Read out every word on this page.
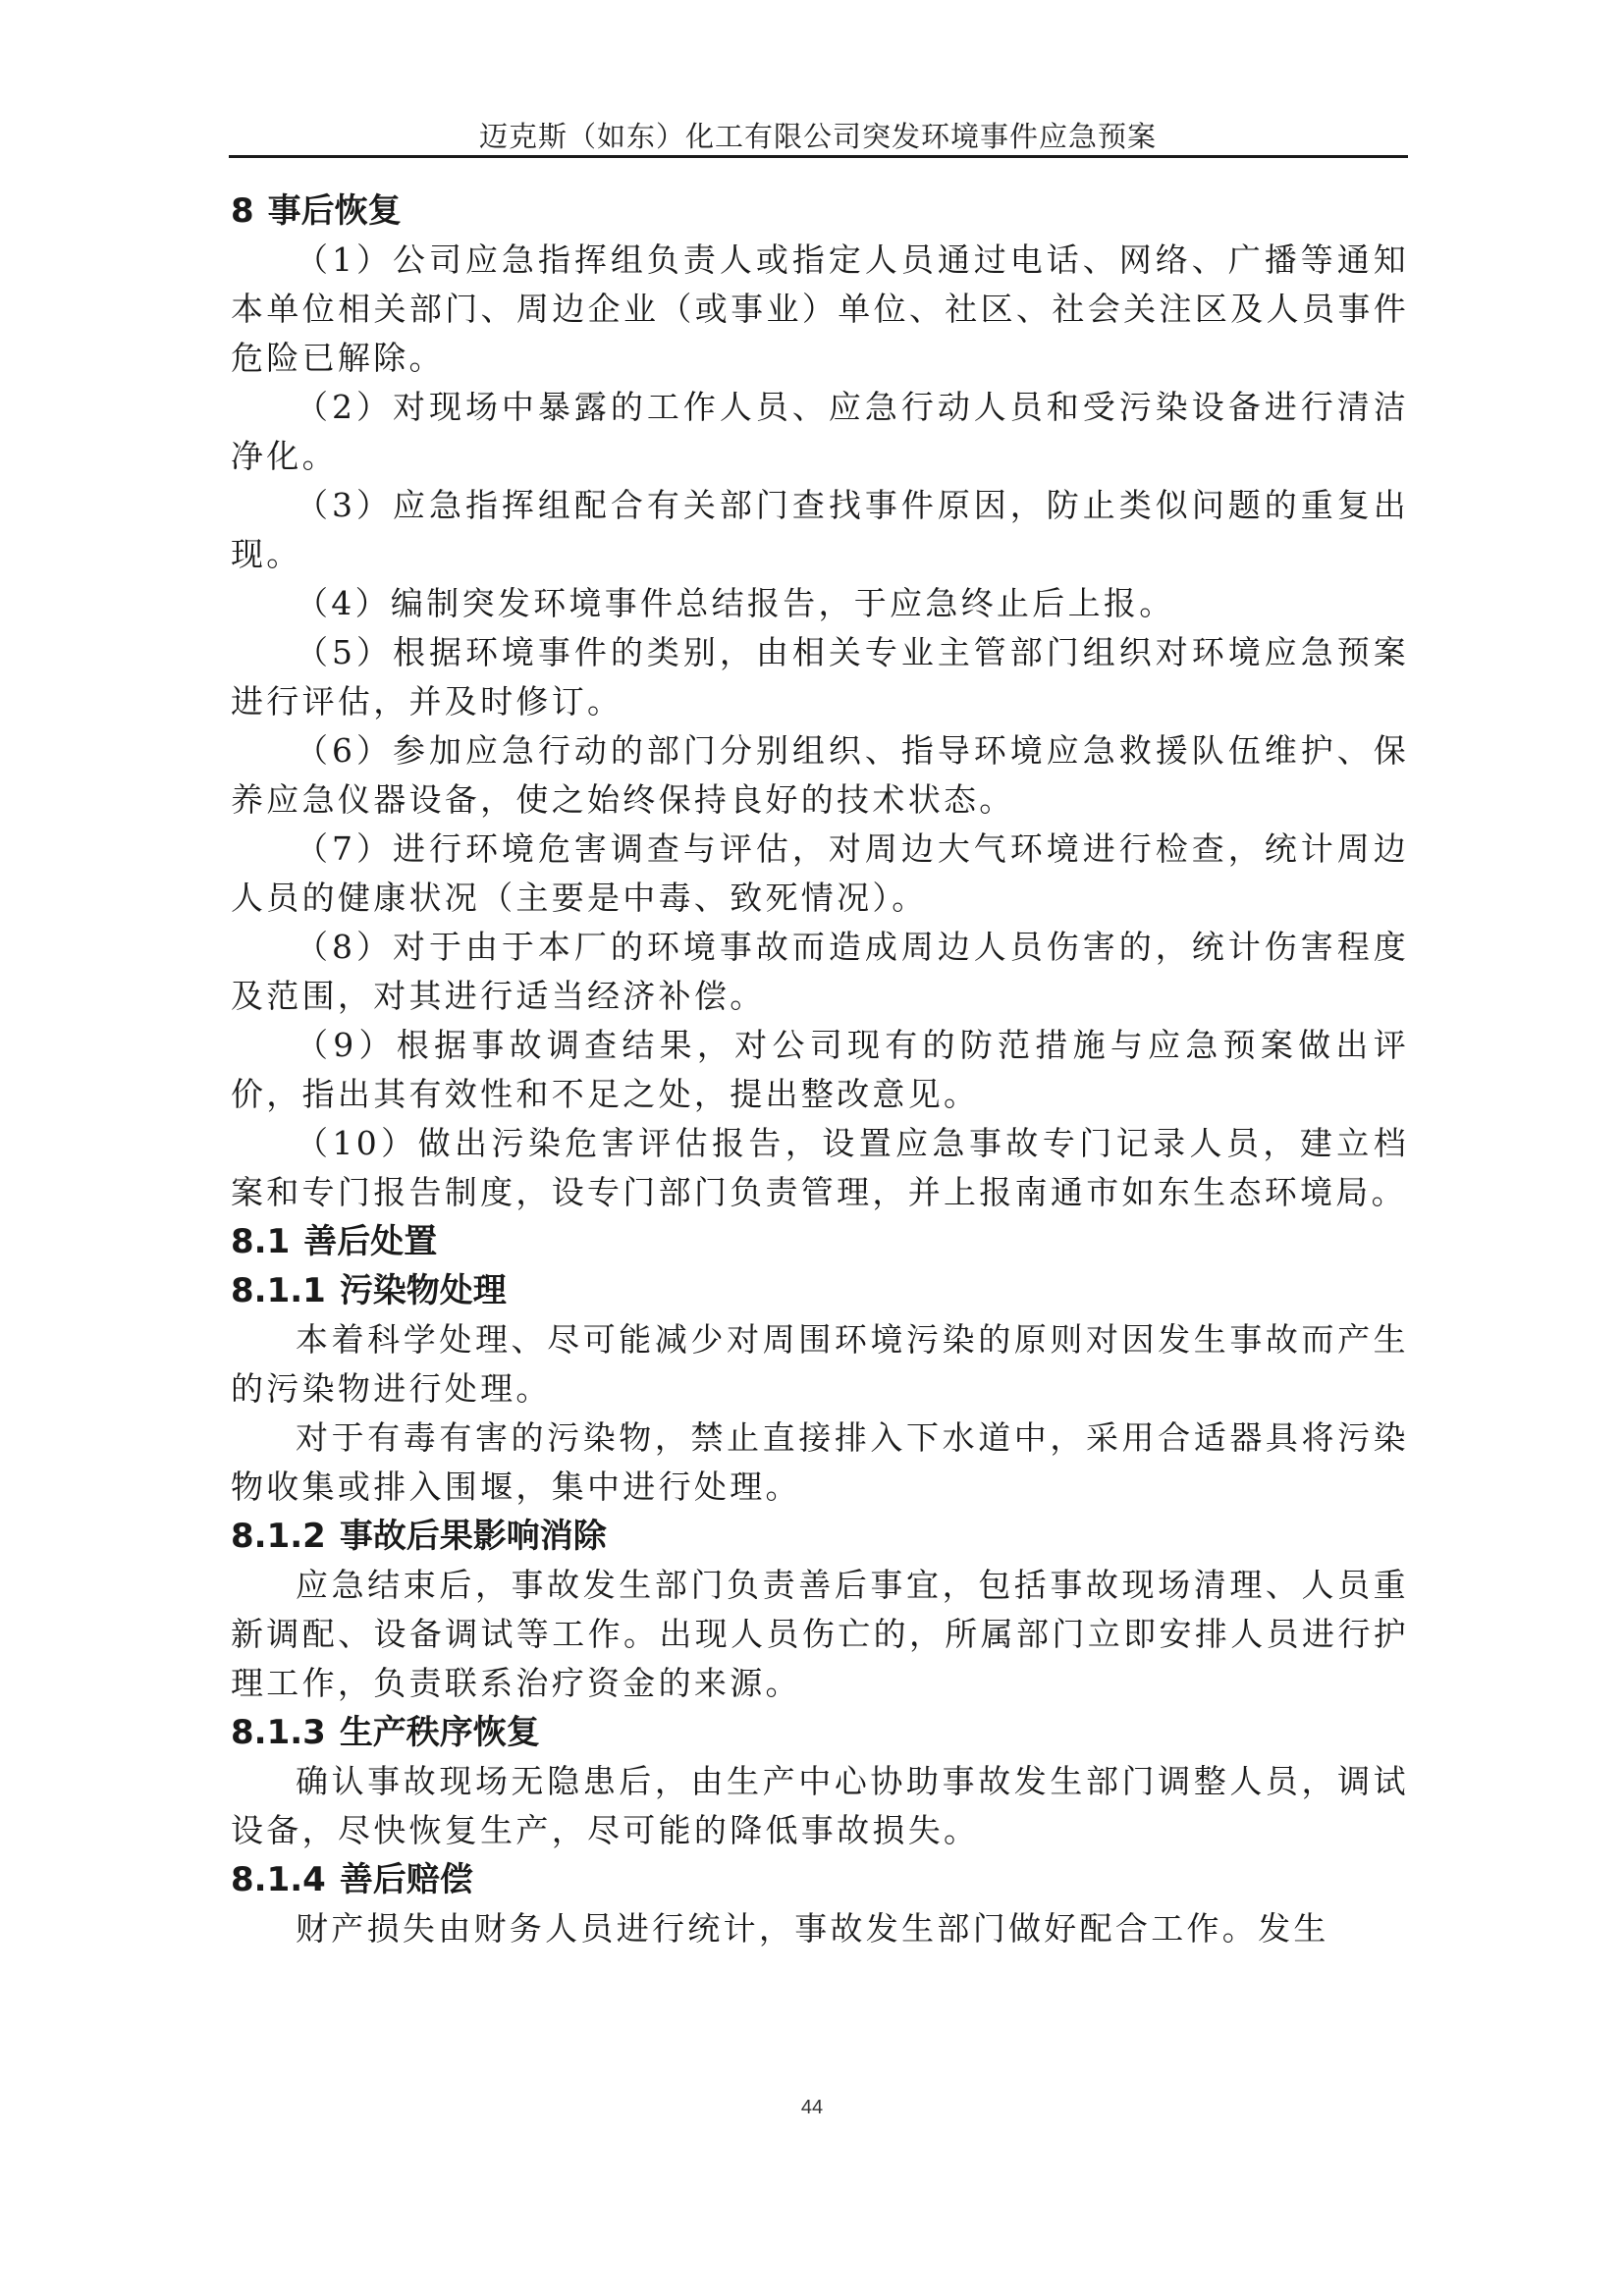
迈克斯（如东）化工有限公司突发环境事件应急预案
8 事后恢复

（1）公司应急指挥组负责人或指定人员通过电话、网络、广播等通知本单位相关部门、周边企业（或事业）单位、社区、社会关注区及人员事件危险已解除。

（2）对现场中暴露的工作人员、应急行动人员和受污染设备进行清洁净化。

（3）应急指挥组配合有关部门查找事件原因，防止类似问题的重复出现。

（4）编制突发环境事件总结报告，于应急终止后上报。

（5）根据环境事件的类别，由相关专业主管部门组织对环境应急预案进行评估，并及时修订。

（6）参加应急行动的部门分别组织、指导环境应急救援队伍维护、保养应急仪器设备，使之始终保持良好的技术状态。

（7）进行环境危害调查与评估，对周边大气环境进行检查，统计周边人员的健康状况（主要是中毒、致死情况）。

（8）对于由于本厂的环境事故而造成周边人员伤害的，统计伤害程度及范围，对其进行适当经济补偿。

（9）根据事故调查结果，对公司现有的防范措施与应急预案做出评价，指出其有效性和不足之处，提出整改意见。

（10）做出污染危害评估报告，设置应急事故专门记录人员，建立档案和专门报告制度，设专门部门负责管理，并上报南通市如东生态环境局。

8.1 善后处置
8.1.1 污染物处理

本着科学处理、尽可能减少对周围环境污染的原则对因发生事故而产生的污染物进行处理。

对于有毒有害的污染物，禁止直接排入下水道中，采用合适器具将污染物收集或排入围堰，集中进行处理。

8.1.2 事故后果影响消除

应急结束后，事故发生部门负责善后事宜，包括事故现场清理、人员重新调配、设备调试等工作。出现人员伤亡的，所属部门立即安排人员进行护理工作，负责联系治疗资金的来源。

8.1.3 生产秩序恢复

确认事故现场无隐患后，由生产中心协助事故发生部门调整人员，调试设备，尽快恢复生产，尽可能的降低事故损失。

8.1.4 善后赔偿

财产损失由财务人员进行统计，事故发生部门做好配合工作。发生

44
